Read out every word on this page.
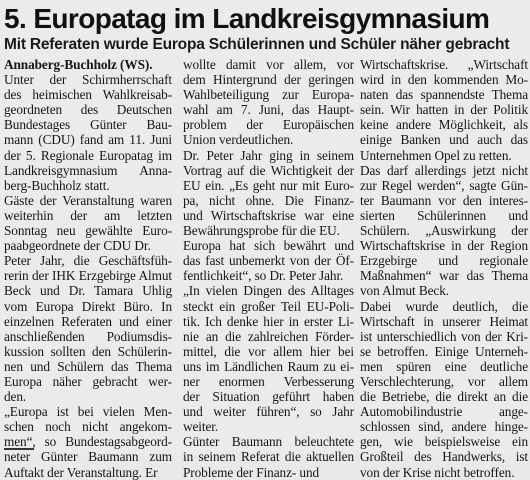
5. Europatag im Landkreisgymnasium
Mit Referaten wurde Europa Schülerinnen und Schüler näher gebracht
Annaberg-Buchholz (WS).
Unter der Schirmherrschaft
des heimischen Wahlkreisab-
geordneten des Deutschen
Bundestages Günter Bau-
mann (CDU) fand am 11. Juni
der 5. Regionale Europatag im
Landkreisgymnasium Anna-
berg-Buchholz statt.
Gäste der Veranstaltung waren
weiterhin der am letzten
Sonntag neu gewählte Euro-
paabgeordnete der CDU Dr.
Peter Jahr, die Geschäftsfüh-
rerin der IHK Erzgebirge Almut
Beck und Dr. Tamara Uhlig
vom Europa Direkt Büro. In
einzelnen Referaten und einer
anschließenden Podiumsdis-
kussion sollten den Schülerin-
nen und Schülern das Thema
Europa näher gebracht wer-
den.
„Europa ist bei vielen Men-
schen noch nicht angekom-
men“, so Bundestagsabgeord-
neter Günter Baumann zum
Auftakt der Veranstaltung. Er
wollte damit vor allem, vor
dem Hintergrund der geringen
Wahlbeteiligung zur Europa-
wahl am 7. Juni, das Haupt-
problem der Europäischen
Union verdeutlichen.
Dr. Peter Jahr ging in seinem
Vortrag auf die Wichtigkeit der
EU ein. „Es geht nur mit Euro-
pa, nicht ohne. Die Finanz-
und Wirtschaftskrise war eine
Bewährungsprobe für die EU.
Europa hat sich bewährt und
das fast unbemerkt von der Öf-
fentlichkeit“, so Dr. Peter Jahr.
„In vielen Dingen des Alltages
steckt ein großer Teil EU-Poli-
tik. Ich denke hier in erster Li-
nie an die zahlreichen Förder-
mittel, die vor allem hier bei
uns im Ländlichen Raum zu ei-
ner enormen Verbesserung
der Situation geführt haben
und weiter führen“, so Jahr
weiter.
Günter Baumann beleuchtete
in seinem Referat die aktuellen
Probleme der Finanz- und
Wirtschaftskrise. „Wirtschaft
wird in den kommenden Mo-
naten das spannendste Thema
sein. Wir hatten in der Politik
keine andere Möglichkeit, als
einige Banken und auch das
Unternehmen Opel zu retten.
Das darf allerdings jetzt nicht
zur Regel werden“, sagte Gün-
ter Baumann vor den interes-
sierten Schülerinnen und
Schülern. „Auswirkung der
Wirtschaftskrise in der Region
Erzgebirge und regionale
Maßnahmen“ war das Thema
von Almut Beck.
Dabei wurde deutlich, die
Wirtschaft in unserer Heimat
ist unterschiedlich von der Kri-
se betroffen. Einige Unterneh-
men spüren eine deutliche
Verschlechterung, vor allem
die Betriebe, die direkt an die
Automobilindustrie ange-
schlossen sind, andere hinge-
gen, wie beispielsweise ein
Großteil des Handwerks, ist
von der Krise nicht betroffen.
